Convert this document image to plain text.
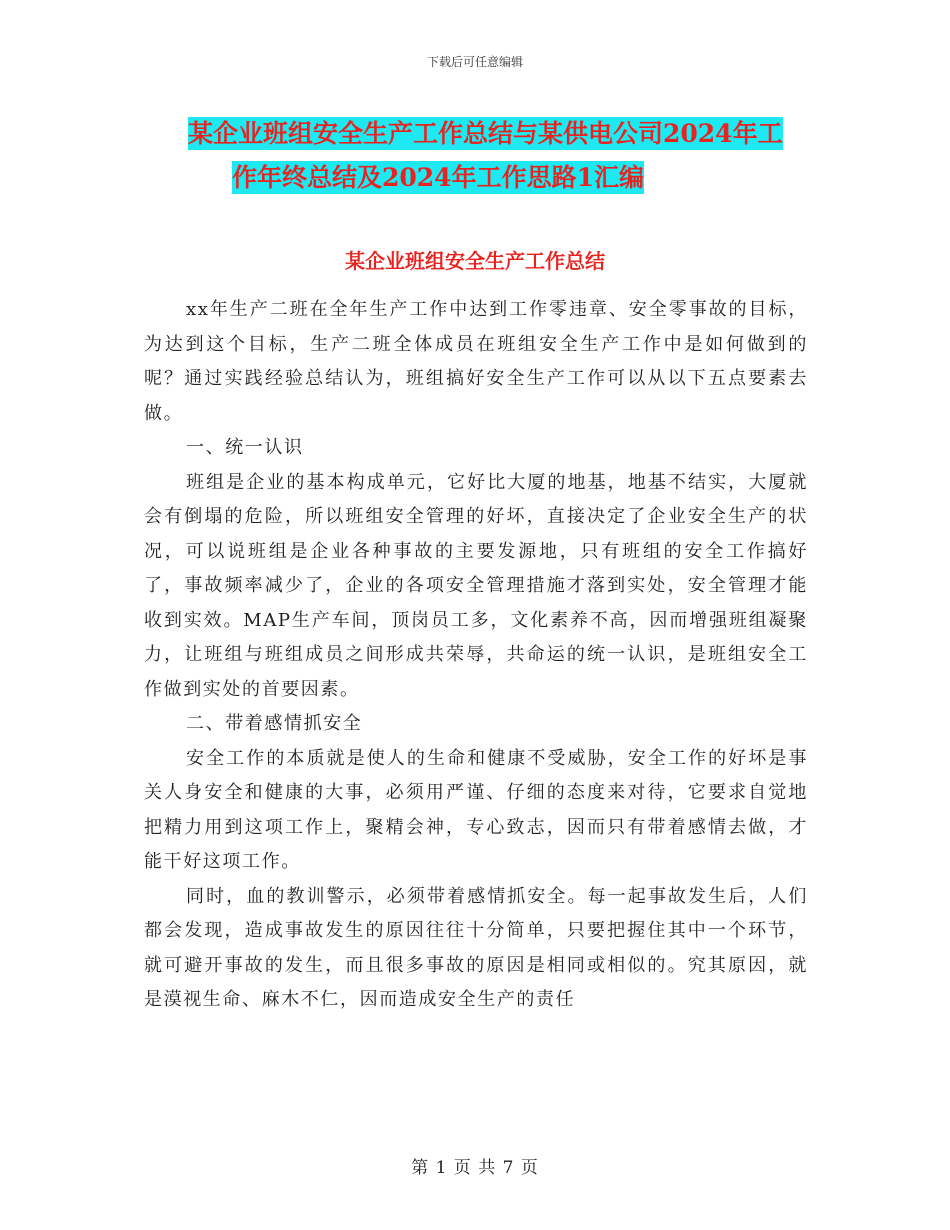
下载后可任意编辑
某企业班组安全生产工作总结与某供电公司2024年工
作年终总结及2024年工作思路1汇编
某企业班组安全生产工作总结

xx年生产二班在全年生产工作中达到工作零违章、安全零事故的目标，为达到这个目标，生产二班全体成员在班组安全生产工作中是如何做到的呢？通过实践经验总结认为，班组搞好安全生产工作可以从以下五点要素去做。

一、统一认识

班组是企业的基本构成单元，它好比大厦的地基，地基不结实，大厦就会有倒塌的危险，所以班组安全管理的好坏，直接决定了企业安全生产的状况，可以说班组是企业各种事故的主要发源地，只有班组的安全工作搞好了，事故频率减少了，企业的各项安全管理措施才落到实处，安全管理才能收到实效。MAP生产车间，顶岗员工多，文化素养不高，因而增强班组凝聚力，让班组与班组成员之间形成共荣辱，共命运的统一认识，是班组安全工作做到实处的首要因素。

二、带着感情抓安全

安全工作的本质就是使人的生命和健康不受威胁，安全工作的好坏是事关人身安全和健康的大事，必须用严谨、仔细的态度来对待，它要求自觉地把精力用到这项工作上，聚精会神，专心致志，因而只有带着感情去做，才能干好这项工作。

同时，血的教训警示，必须带着感情抓安全。每一起事故发生后，人们都会发现，造成事故发生的原因往往十分简单，只要把握住其中一个环节，就可避开事故的发生，而且很多事故的原因是相同或相似的。究其原因，就是漠视生命、麻木不仁，因而造成安全生产的责任

第 1 页 共 7 页
